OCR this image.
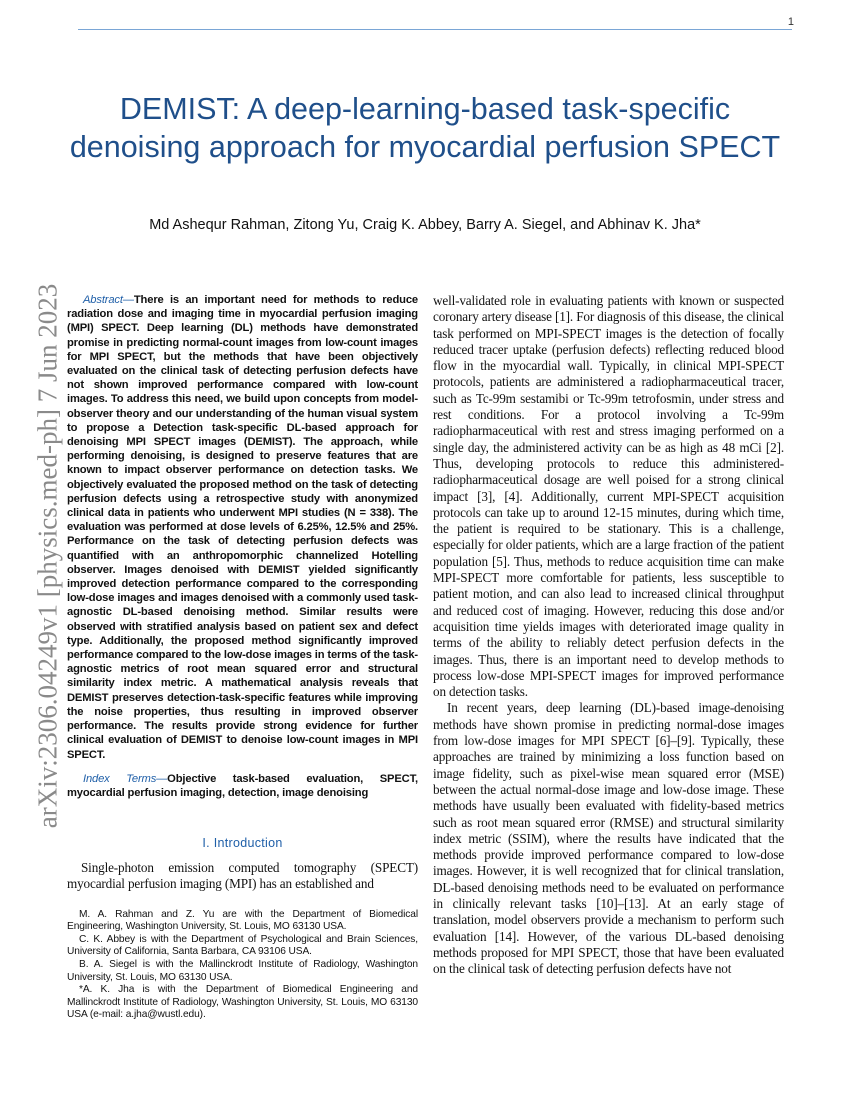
1
DEMIST: A deep-learning-based task-specific denoising approach for myocardial perfusion SPECT

Md Ashequr Rahman, Zitong Yu, Craig K. Abbey, Barry A. Siegel, and Abhinav K. Jha*

arXiv:2306.04249v1 [physics.med-ph] 7 Jun 2023	Abstract—There is an important need for methods to reduce radiation dose and imaging time in myocardial perfusion imaging (MPI) SPECT. Deep learning (DL) methods have demonstrated promise in predicting normal-count images from low-count images for MPI SPECT, but the methods that have been objectively evaluated on the clinical task of detecting perfusion defects have not shown improved performance compared with low-count images. To address this need, we build upon concepts from model-observer theory and our understanding of the human visual system to propose a Detection task-specific DL-based approach for denoising MPI SPECT images (DEMIST). The approach, while performing denoising, is designed to preserve features that are known to impact observer performance on detection tasks. We objectively evaluated the proposed method on the task of detecting perfusion defects using a retrospective study with anonymized clinical data in patients who underwent MPI studies (N = 338). The evaluation was performed at dose levels of 6.25%, 12.5% and 25%. Performance on the task of detecting perfusion defects was quantified with an anthropomorphic channelized Hotelling observer. Images denoised with DEMIST yielded significantly improved detection performance compared to the corresponding low-dose images and images denoised with a commonly used task-agnostic DL-based denoising method. Similar results were observed with stratified analysis based on patient sex and defect type. Additionally, the proposed method significantly improved performance compared to the low-dose images in terms of the task-agnostic metrics of root mean squared error and structural similarity index metric. A mathematical analysis reveals that DEMIST preserves detection-task-specific features while improving the noise properties, thus resulting in improved observer performance. The results provide strong evidence for further clinical evaluation of DEMIST to denoise low-count images in MPI SPECT.

Index Terms—Objective task-based evaluation, SPECT, myocardial perfusion imaging, detection, image denoising

I. Introduction

Single-photon emission computed tomography (SPECT) myocardial perfusion imaging (MPI) has an established and

M. A. Rahman and Z. Yu are with the Department of Biomedical Engineering, Washington University, St. Louis, MO 63130 USA.

C. K. Abbey is with the Department of Psychological and Brain Sciences, University of California, Santa Barbara, CA 93106 USA.

B. A. Siegel is with the Mallinckrodt Institute of Radiology, Washington University, St. Louis, MO 63130 USA.

*A. K. Jha is with the Department of Biomedical Engineering and Mallinckrodt Institute of Radiology, Washington University, St. Louis, MO 63130 USA (e-mail: a.jha@wustl.edu).

well-validated role in evaluating patients with known or suspected coronary artery disease [1]. For diagnosis of this disease, the clinical task performed on MPI-SPECT images is the detection of focally reduced tracer uptake (perfusion defects) reflecting reduced blood flow in the myocardial wall. Typically, in clinical MPI-SPECT protocols, patients are administered a radiopharmaceutical tracer, such as Tc-99m sestamibi or Tc-99m tetrofosmin, under stress and rest conditions. For a protocol involving a Tc-99m radiopharmaceutical with rest and stress imaging performed on a single day, the administered activity can be as high as 48 mCi [2]. Thus, developing protocols to reduce this administered-radiopharmaceutical dosage are well poised for a strong clinical impact [3], [4]. Additionally, current MPI-SPECT acquisition protocols can take up to around 12-15 minutes, during which time, the patient is required to be stationary. This is a challenge, especially for older patients, which are a large fraction of the patient population [5]. Thus, methods to reduce acquisition time can make MPI-SPECT more comfortable for patients, less susceptible to patient motion, and can also lead to increased clinical throughput and reduced cost of imaging. However, reducing this dose and/or acquisition time yields images with deteriorated image quality in terms of the ability to reliably detect perfusion defects in the images. Thus, there is an important need to develop methods to process low-dose MPI-SPECT images for improved performance on detection tasks.

In recent years, deep learning (DL)-based image-denoising methods have shown promise in predicting normal-dose images from low-dose images for MPI SPECT [6]–[9]. Typically, these approaches are trained by minimizing a loss function based on image fidelity, such as pixel-wise mean squared error (MSE) between the actual normal-dose image and low-dose image. These methods have usually been evaluated with fidelity-based metrics such as root mean squared error (RMSE) and structural similarity index metric (SSIM), where the results have indicated that the methods provide improved performance compared to low-dose images. However, it is well recognized that for clinical translation, DL-based denoising methods need to be evaluated on performance in clinically relevant tasks [10]–[13]. At an early stage of translation, model observers provide a mechanism to perform such evaluation [14]. However, of the various DL-based denoising methods proposed for MPI SPECT, those that have been evaluated on the clinical task of detecting perfusion defects have not
